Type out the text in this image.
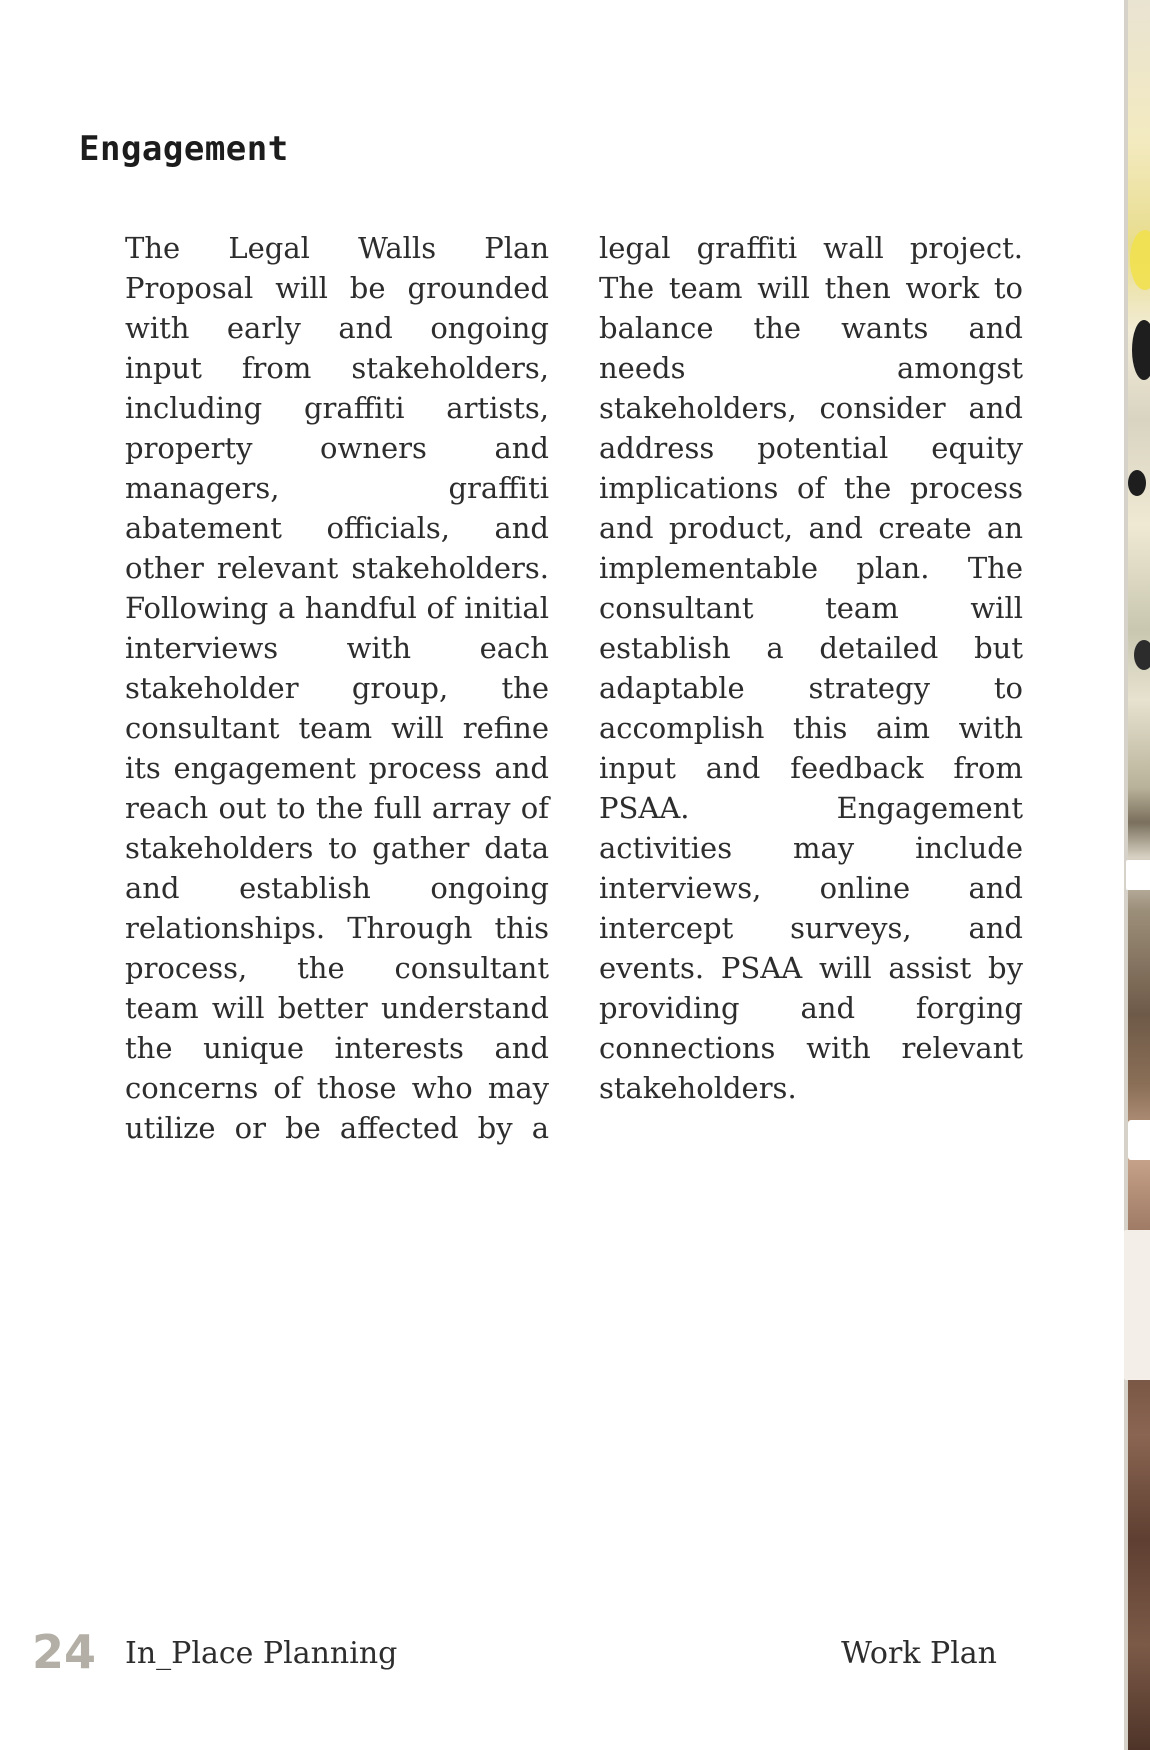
Engagement

The Legal Walls Plan Proposal will be grounded with early and ongoing input from stakeholders, including graffiti artists, property owners and managers, graffiti abatement officials, and other relevant stakeholders. Following a handful of initial interviews with each stakeholder group, the consultant team will refine its engagement process and reach out to the full array of stakeholders to gather data and establish ongoing relationships. Through this process, the consultant team will better understand the unique interests and concerns of those who may utilize or be affected by a legal graffiti wall project. The team will then work to balance the wants and needs amongst stakeholders, consider and address potential equity implications of the process and product, and create an implementable plan. The consultant team will establish a detailed but adaptable strategy to accomplish this aim with input and feedback from PSAA. Engagement activities may include interviews, online and intercept surveys, and events. PSAA will assist by providing and forging connections with relevant stakeholders.

24 In_Place Planning	Work Plan
